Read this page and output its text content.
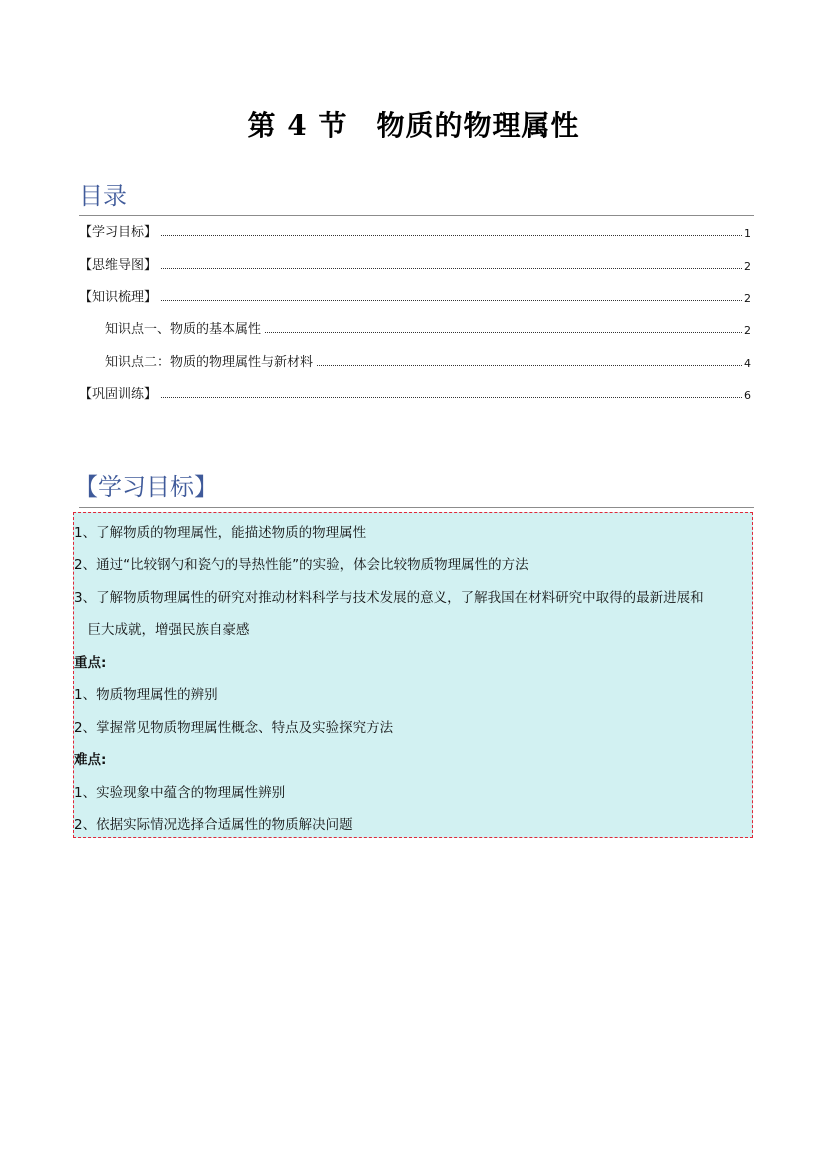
第 4 节　物质的物理属性
目录
【学习目标】	1
【思维导图】	2
【知识梳理】	2
知识点一、物质的基本属性	2
知识点二：物质的物理属性与新材料	4
【巩固训练】	6
【学习目标】
1、了解物质的物理属性，能描述物质的物理属性
2、通过“比较钢勺和瓷勺的导热性能”的实验，体会比较物质物理属性的方法
3、了解物质物理属性的研究对推动材料科学与技术发展的意义，了解我国在材料研究中取得的最新进展和
　巨大成就，增强民族自豪感
重点:
1、物质物理属性的辨别
2、掌握常见物质物理属性概念、特点及实验探究方法
难点:
1、实验现象中蕴含的物理属性辨别
2、依据实际情况选择合适属性的物质解决问题
